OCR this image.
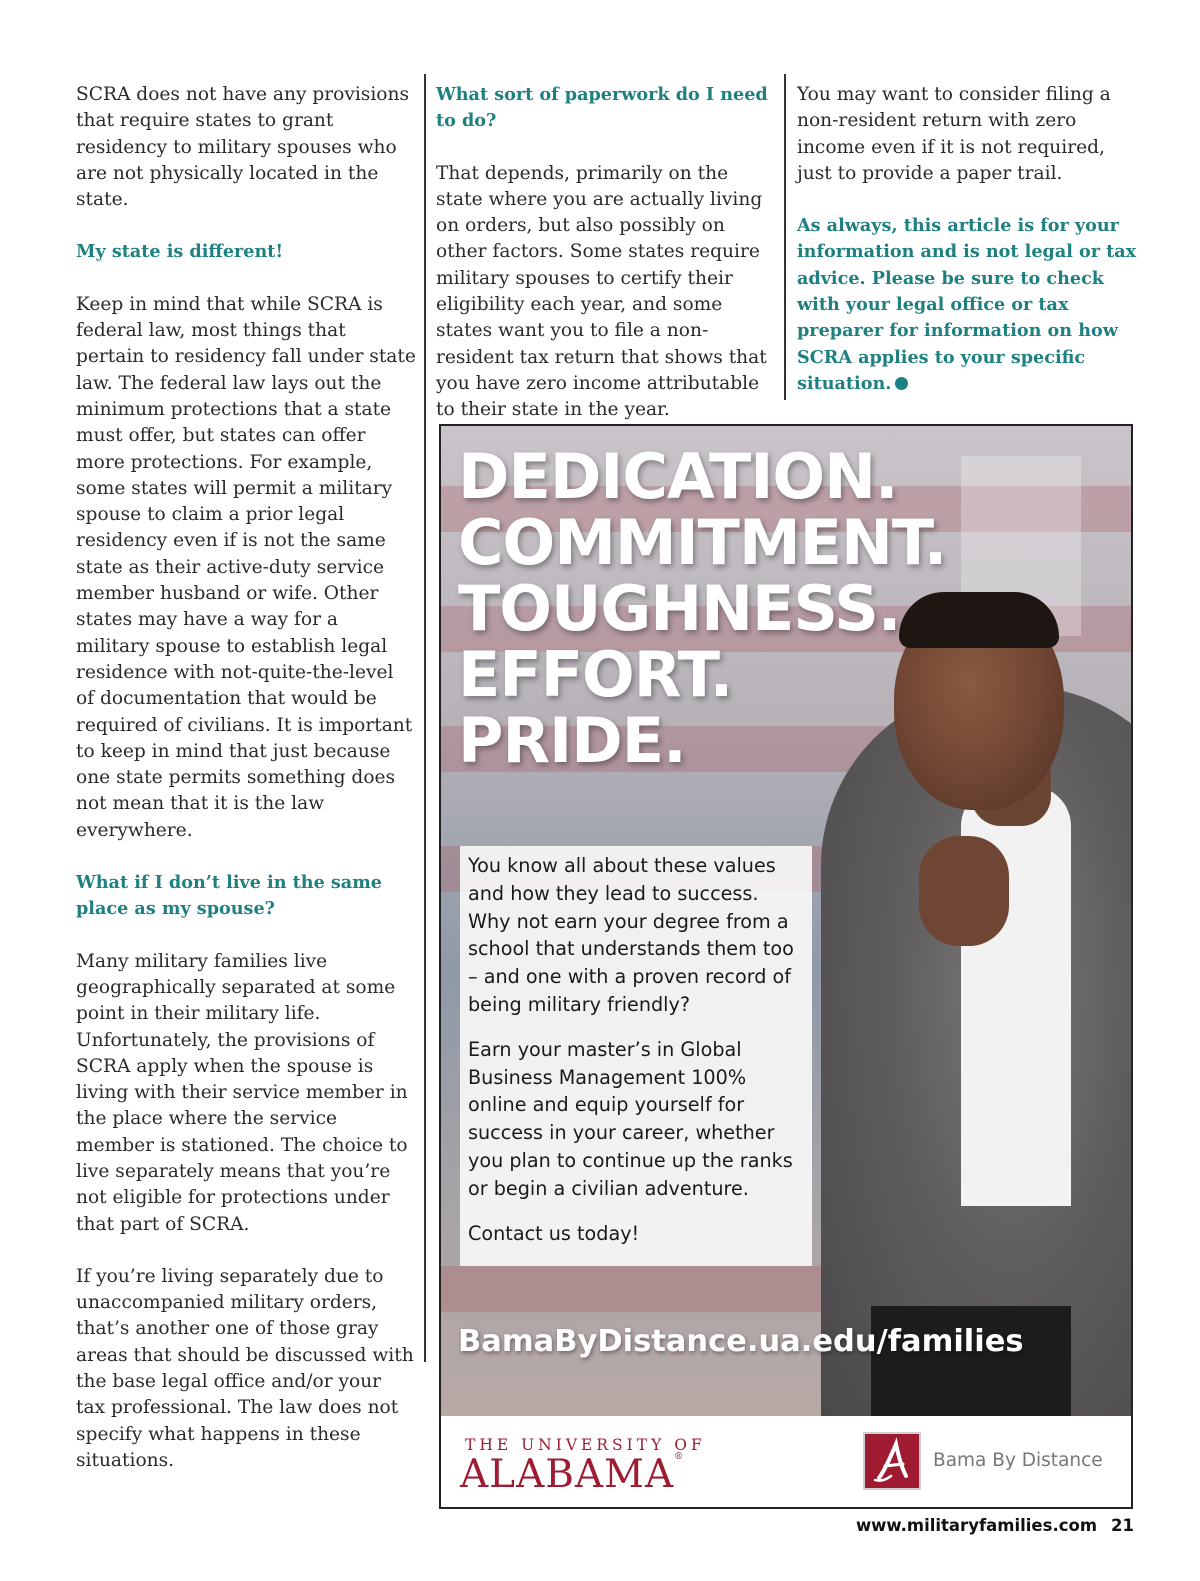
SCRA does not have any provisions that require states to grant residency to military spouses who are not physically located in the state.

My state is different!

Keep in mind that while SCRA is federal law, most things that pertain to residency fall under state law. The federal law lays out the minimum protections that a state must offer, but states can offer more protections. For example, some states will permit a military spouse to claim a prior legal residency even if is not the same state as their active-duty service member husband or wife. Other states may have a way for a military spouse to establish legal residence with not-quite-the-level of documentation that would be required of civilians. It is important to keep in mind that just because one state permits something does not mean that it is the law everywhere.

What if I don’t live in the same place as my spouse?

Many military families live geographically separated at some point in their military life. Unfortunately, the provisions of SCRA apply when the spouse is living with their service member in the place where the service member is stationed. The choice to live separately means that you’re not eligible for protections under that part of SCRA.

If you’re living separately due to unaccompanied military orders, that’s another one of those gray areas that should be discussed with the base legal office and/or your tax professional. The law does not specify what happens in these situations.

What sort of paperwork do I need to do?

That depends, primarily on the state where you are actually living on orders, but also possibly on other factors. Some states require military spouses to certify their eligibility each year, and some states want you to file a non-resident tax return that shows that you have zero income attributable to their state in the year.

You may want to consider filing a non-resident return with zero income even if it is not required, just to provide a paper trail.

As always, this article is for your information and is not legal or tax advice. Please be sure to check with your legal office or tax preparer for information on how SCRA applies to your specific situation.

DEDICATION.
COMMITMENT.
TOUGHNESS.
EFFORT.
PRIDE.

You know all about these values and how they lead to success. Why not earn your degree from a school that understands them too – and one with a proven record of being military friendly?

Earn your master’s in Global Business Management 100% online and equip yourself for success in your career, whether you plan to continue up the ranks or begin a civilian adventure.

Contact us today!

BamaByDistance.ua.edu/families
THE UNIVERSITY OF
ALABAMA®	Bama By Distance
www.militaryfamilies.com 21
